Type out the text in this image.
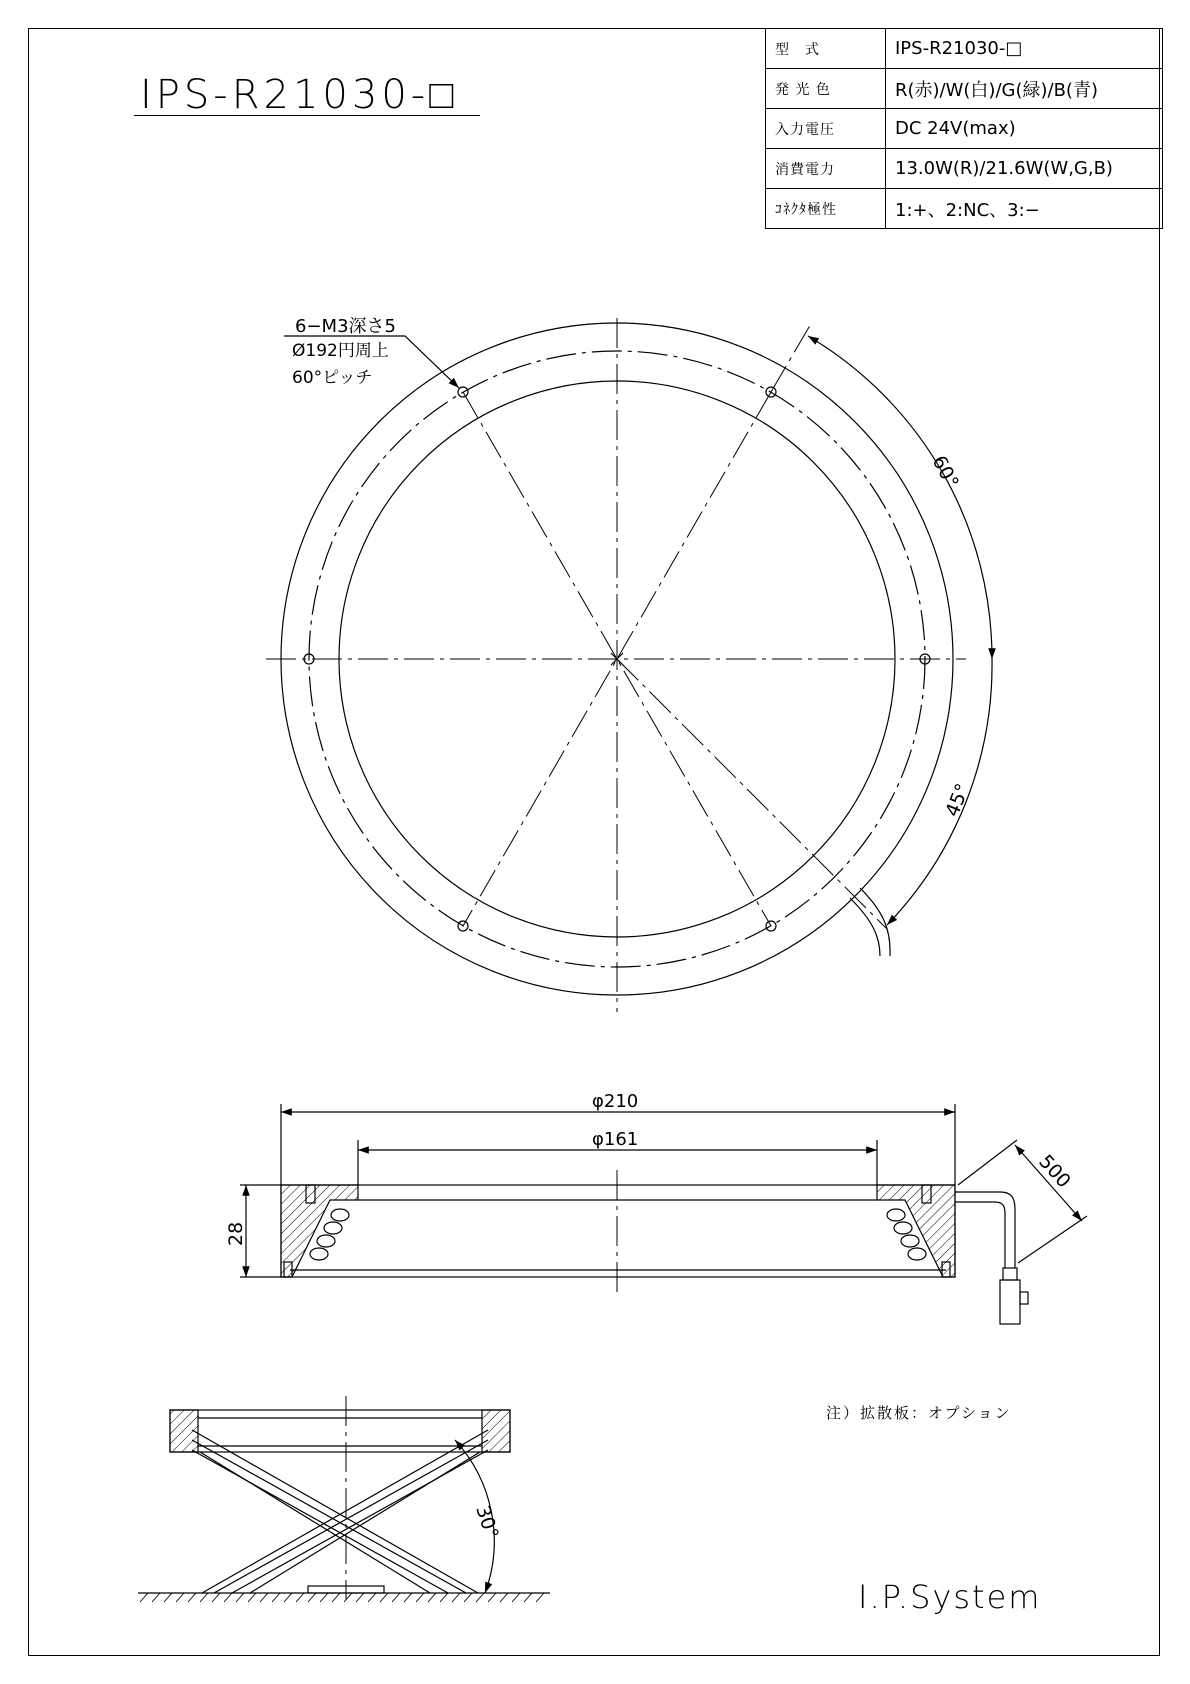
IPS-R21030-□
型　式	IPS-R21030-□
発 光 色	R(赤)/W(白)/G(緑)/B(青)
入力電圧	DC 24V(max)
消費電力	13.0W(R)/21.6W(W,G,B)
ｺﾈｸﾀ極性	1:+、2:NC、3:−
6−M3深さ5
Ø192円周上
60°ピッチ
60°
45°
φ210
φ161
28
500
30°
注）拡散板：オプション
I.P.System
